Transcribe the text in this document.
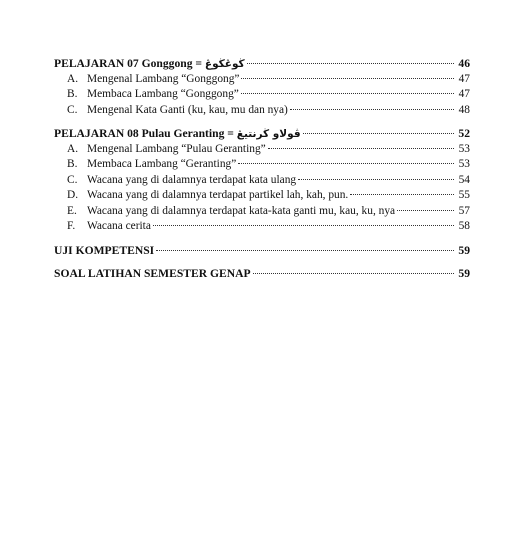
PELAJARAN 07 Gonggong = ڬوڠڬوڠ	46
A. Mengenal Lambang “Gonggong”	47
B. Membaca Lambang “Gonggong”	47
C. Mengenal Kata Ganti (ku, kau, mu dan nya)	48
PELAJARAN 08 Pulau Geranting = ڤولاو ڬرنتيڠ	52
A. Mengenal Lambang “Pulau Geranting”	53
B. Membaca Lambang “Geranting”	53
C. Wacana yang di dalamnya terdapat kata ulang	54
D. Wacana yang di dalamnya terdapat partikel lah, kah, pun.	55
E. Wacana yang di dalamnya terdapat kata-kata ganti mu, kau, ku, nya	57
F.	Wacana cerita	58
UJI KOMPETENSI	59
SOAL LATIHAN SEMESTER GENAP	59
